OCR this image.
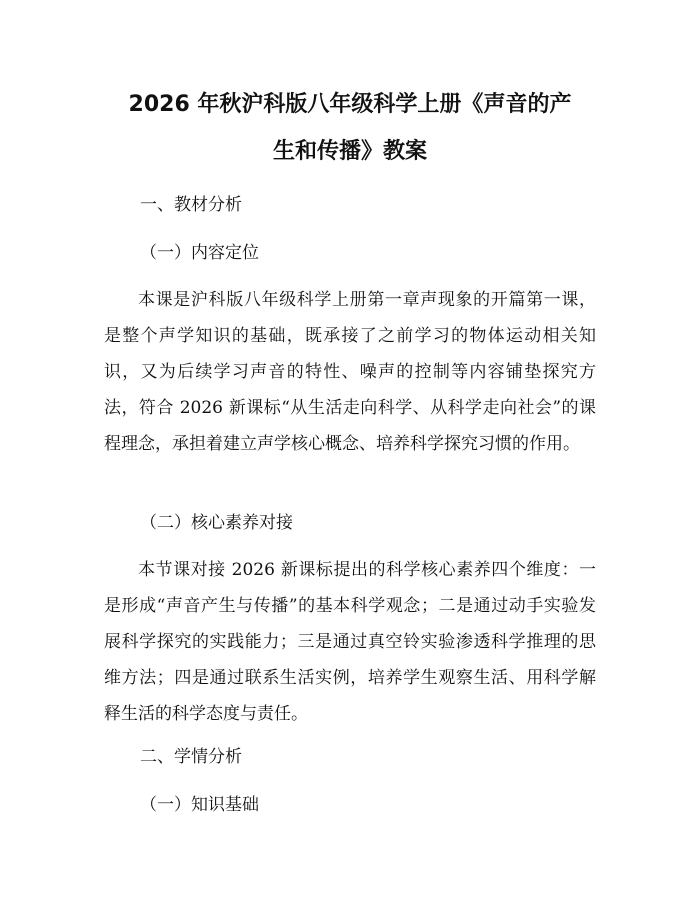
2026 年秋沪科版八年级科学上册《声音的产
生和传播》教案
一、教材分析
（一）内容定位

本课是沪科版八年级科学上册第一章声现象的开篇第一课，是整个声学知识的基础，既承接了之前学习的物体运动相关知识，又为后续学习声音的特性、噪声的控制等内容铺垫探究方法，符合 2026 新课标“从生活走向科学、从科学走向社会”的课程理念，承担着建立声学核心概念、培养科学探究习惯的作用。

（二）核心素养对接

本节课对接 2026 新课标提出的科学核心素养四个维度：一是形成“声音产生与传播”的基本科学观念；二是通过动手实验发展科学探究的实践能力；三是通过真空铃实验渗透科学推理的思维方法；四是通过联系生活实例，培养学生观察生活、用科学解释生活的科学态度与责任。

二、学情分析
（一）知识基础
